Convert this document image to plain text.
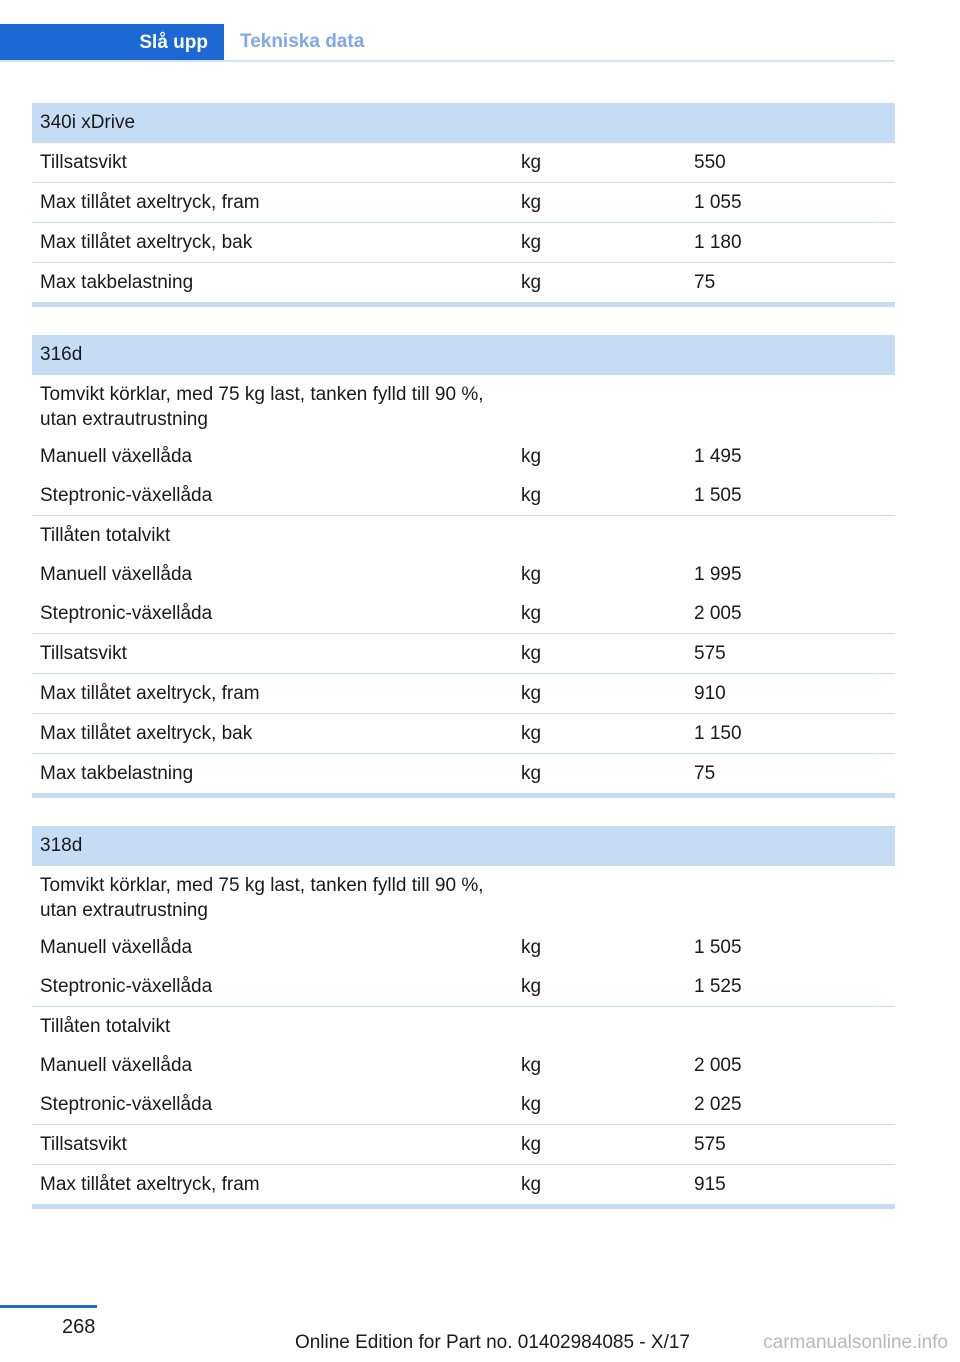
Slå upp	Tekniska data
340i xDrive		
Tillsatsvikt	kg	550
Max tillåtet axeltryck, fram	kg	1 055
Max tillåtet axeltryck, bak	kg	1 180
Max takbelastning	kg	75
316d		
Tomvikt körklar, med 75 kg last, tanken fylld till 90 %, utan extrautrustning		
Manuell växellåda	kg	1 495
Steptronic-växellåda	kg	1 505
Tillåten totalvikt		
Manuell växellåda	kg	1 995
Steptronic-växellåda	kg	2 005
Tillsatsvikt	kg	575
Max tillåtet axeltryck, fram	kg	910
Max tillåtet axeltryck, bak	kg	1 150
Max takbelastning	kg	75
318d		
Tomvikt körklar, med 75 kg last, tanken fylld till 90 %, utan extrautrustning		
Manuell växellåda	kg	1 505
Steptronic-växellåda	kg	1 525
Tillåten totalvikt		
Manuell växellåda	kg	2 005
Steptronic-växellåda	kg	2 025
Tillsatsvikt	kg	575
Max tillåtet axeltryck, fram	kg	915
268
Online Edition for Part no. 01402984085 - X/17	carmanualsonline.info
